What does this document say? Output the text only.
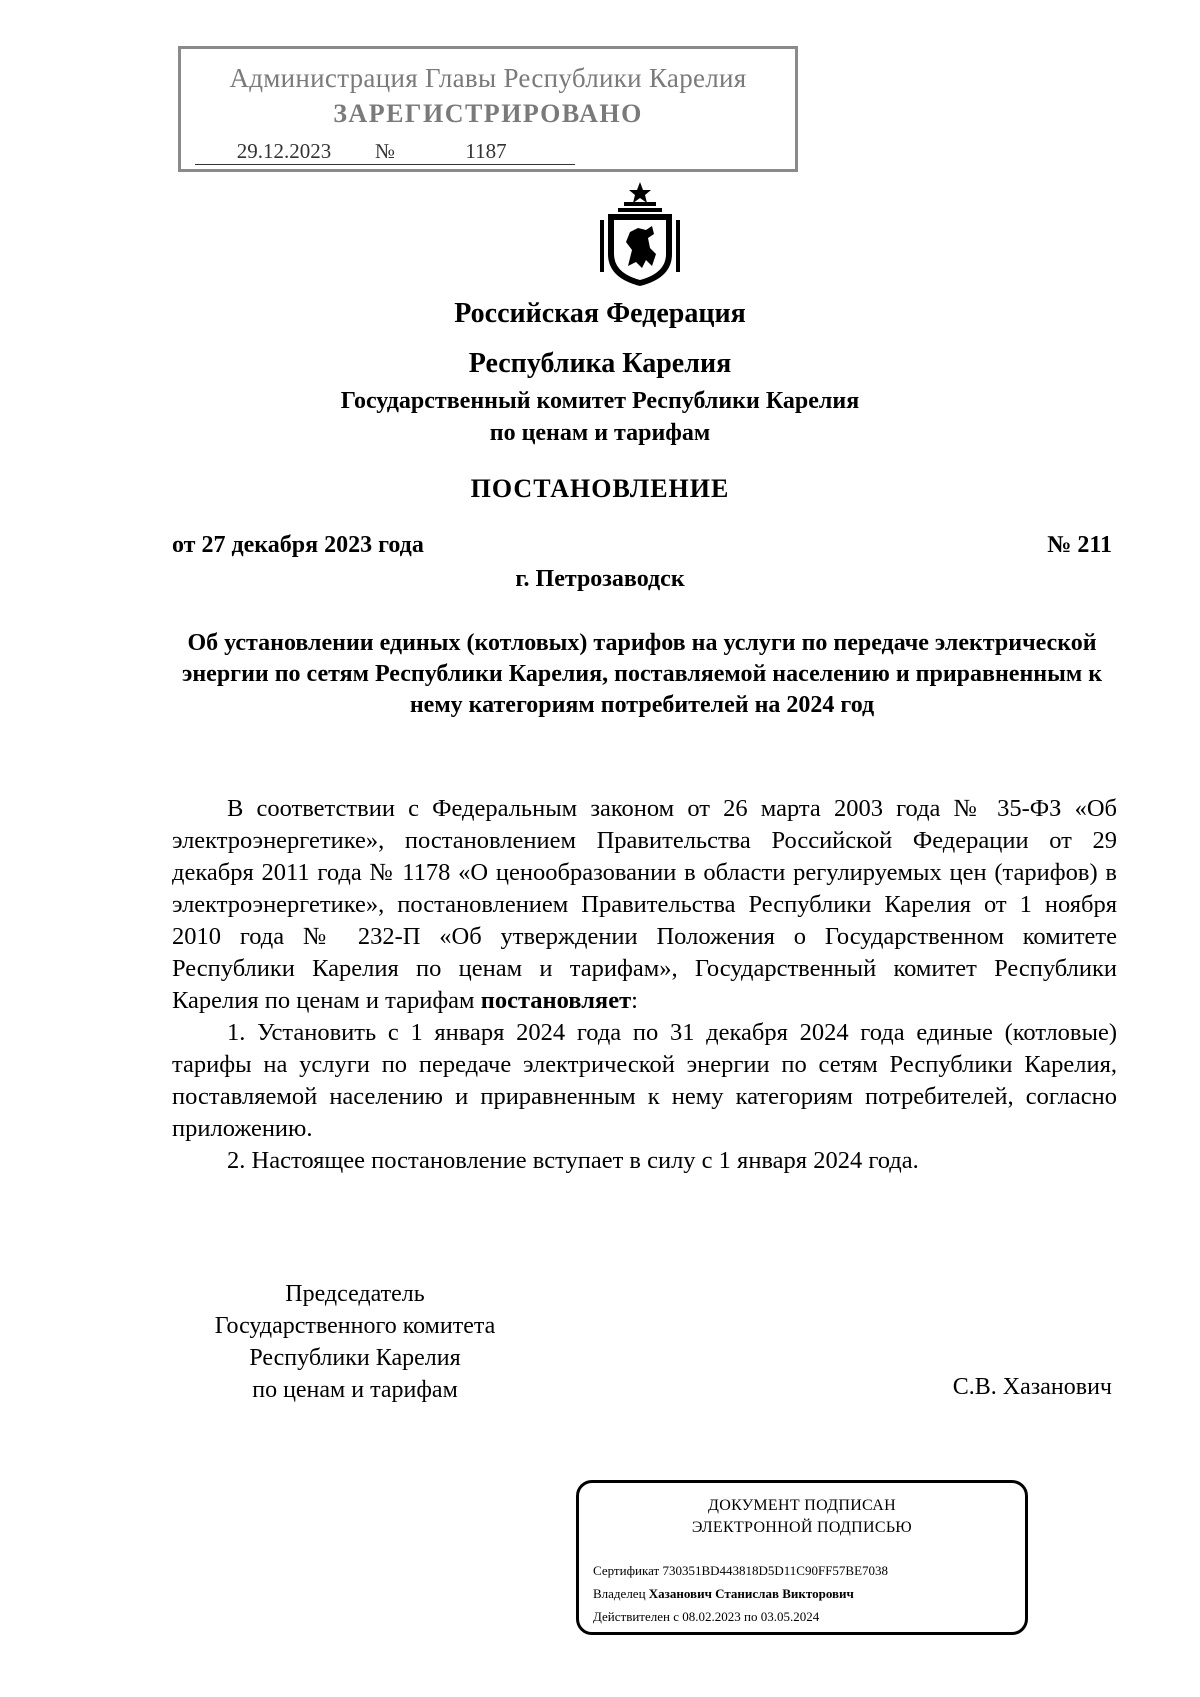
Администрация Главы Республики Карелия
ЗАРЕГИСТРИРОВАНО
29.12.2023	№	1187
Российская Федерация
Республика Карелия
Государственный комитет Республики Карелия
по ценам и тарифам
ПОСТАНОВЛЕНИЕ
от 27 декабря 2023 года	№ 211
г. Петрозаводск
Об установлении единых (котловых) тарифов на услуги по передаче электрической энергии по сетям Республики Карелия, поставляемой населению и приравненным к нему категориям потребителей на 2024 год

В соответствии с Федеральным законом от 26 марта 2003 года № 35-ФЗ «Об электроэнергетике», постановлением Правительства Российской Федерации от 29 декабря 2011 года № 1178 «О ценообразовании в области регулируемых цен (тарифов) в электроэнергетике», постановлением Правительства Республики Карелия от 1 ноября 2010 года № 232-П «Об утверждении Положения о Государственном комитете Республики Карелия по ценам и тарифам», Государственный комитет Республики Карелия по ценам и тарифам постановляет:

1. Установить с 1 января 2024 года по 31 декабря 2024 года единые (котловые) тарифы на услуги по передаче электрической энергии по сетям Республики Карелия, поставляемой населению и приравненным к нему категориям потребителей, согласно приложению.

2. Настоящее постановление вступает в силу с 1 января 2024 года.

Председатель
Государственного комитета
Республики Карелия
по ценам и тарифам	С.В. Хазанович
ДОКУМЕНТ ПОДПИСАН
ЭЛЕКТРОННОЙ ПОДПИСЬЮ
Сертификат 730351BD443818D5D11C90FF57BE7038
Владелец Хазанович Станислав Викторович
Действителен с 08.02.2023 по 03.05.2024
